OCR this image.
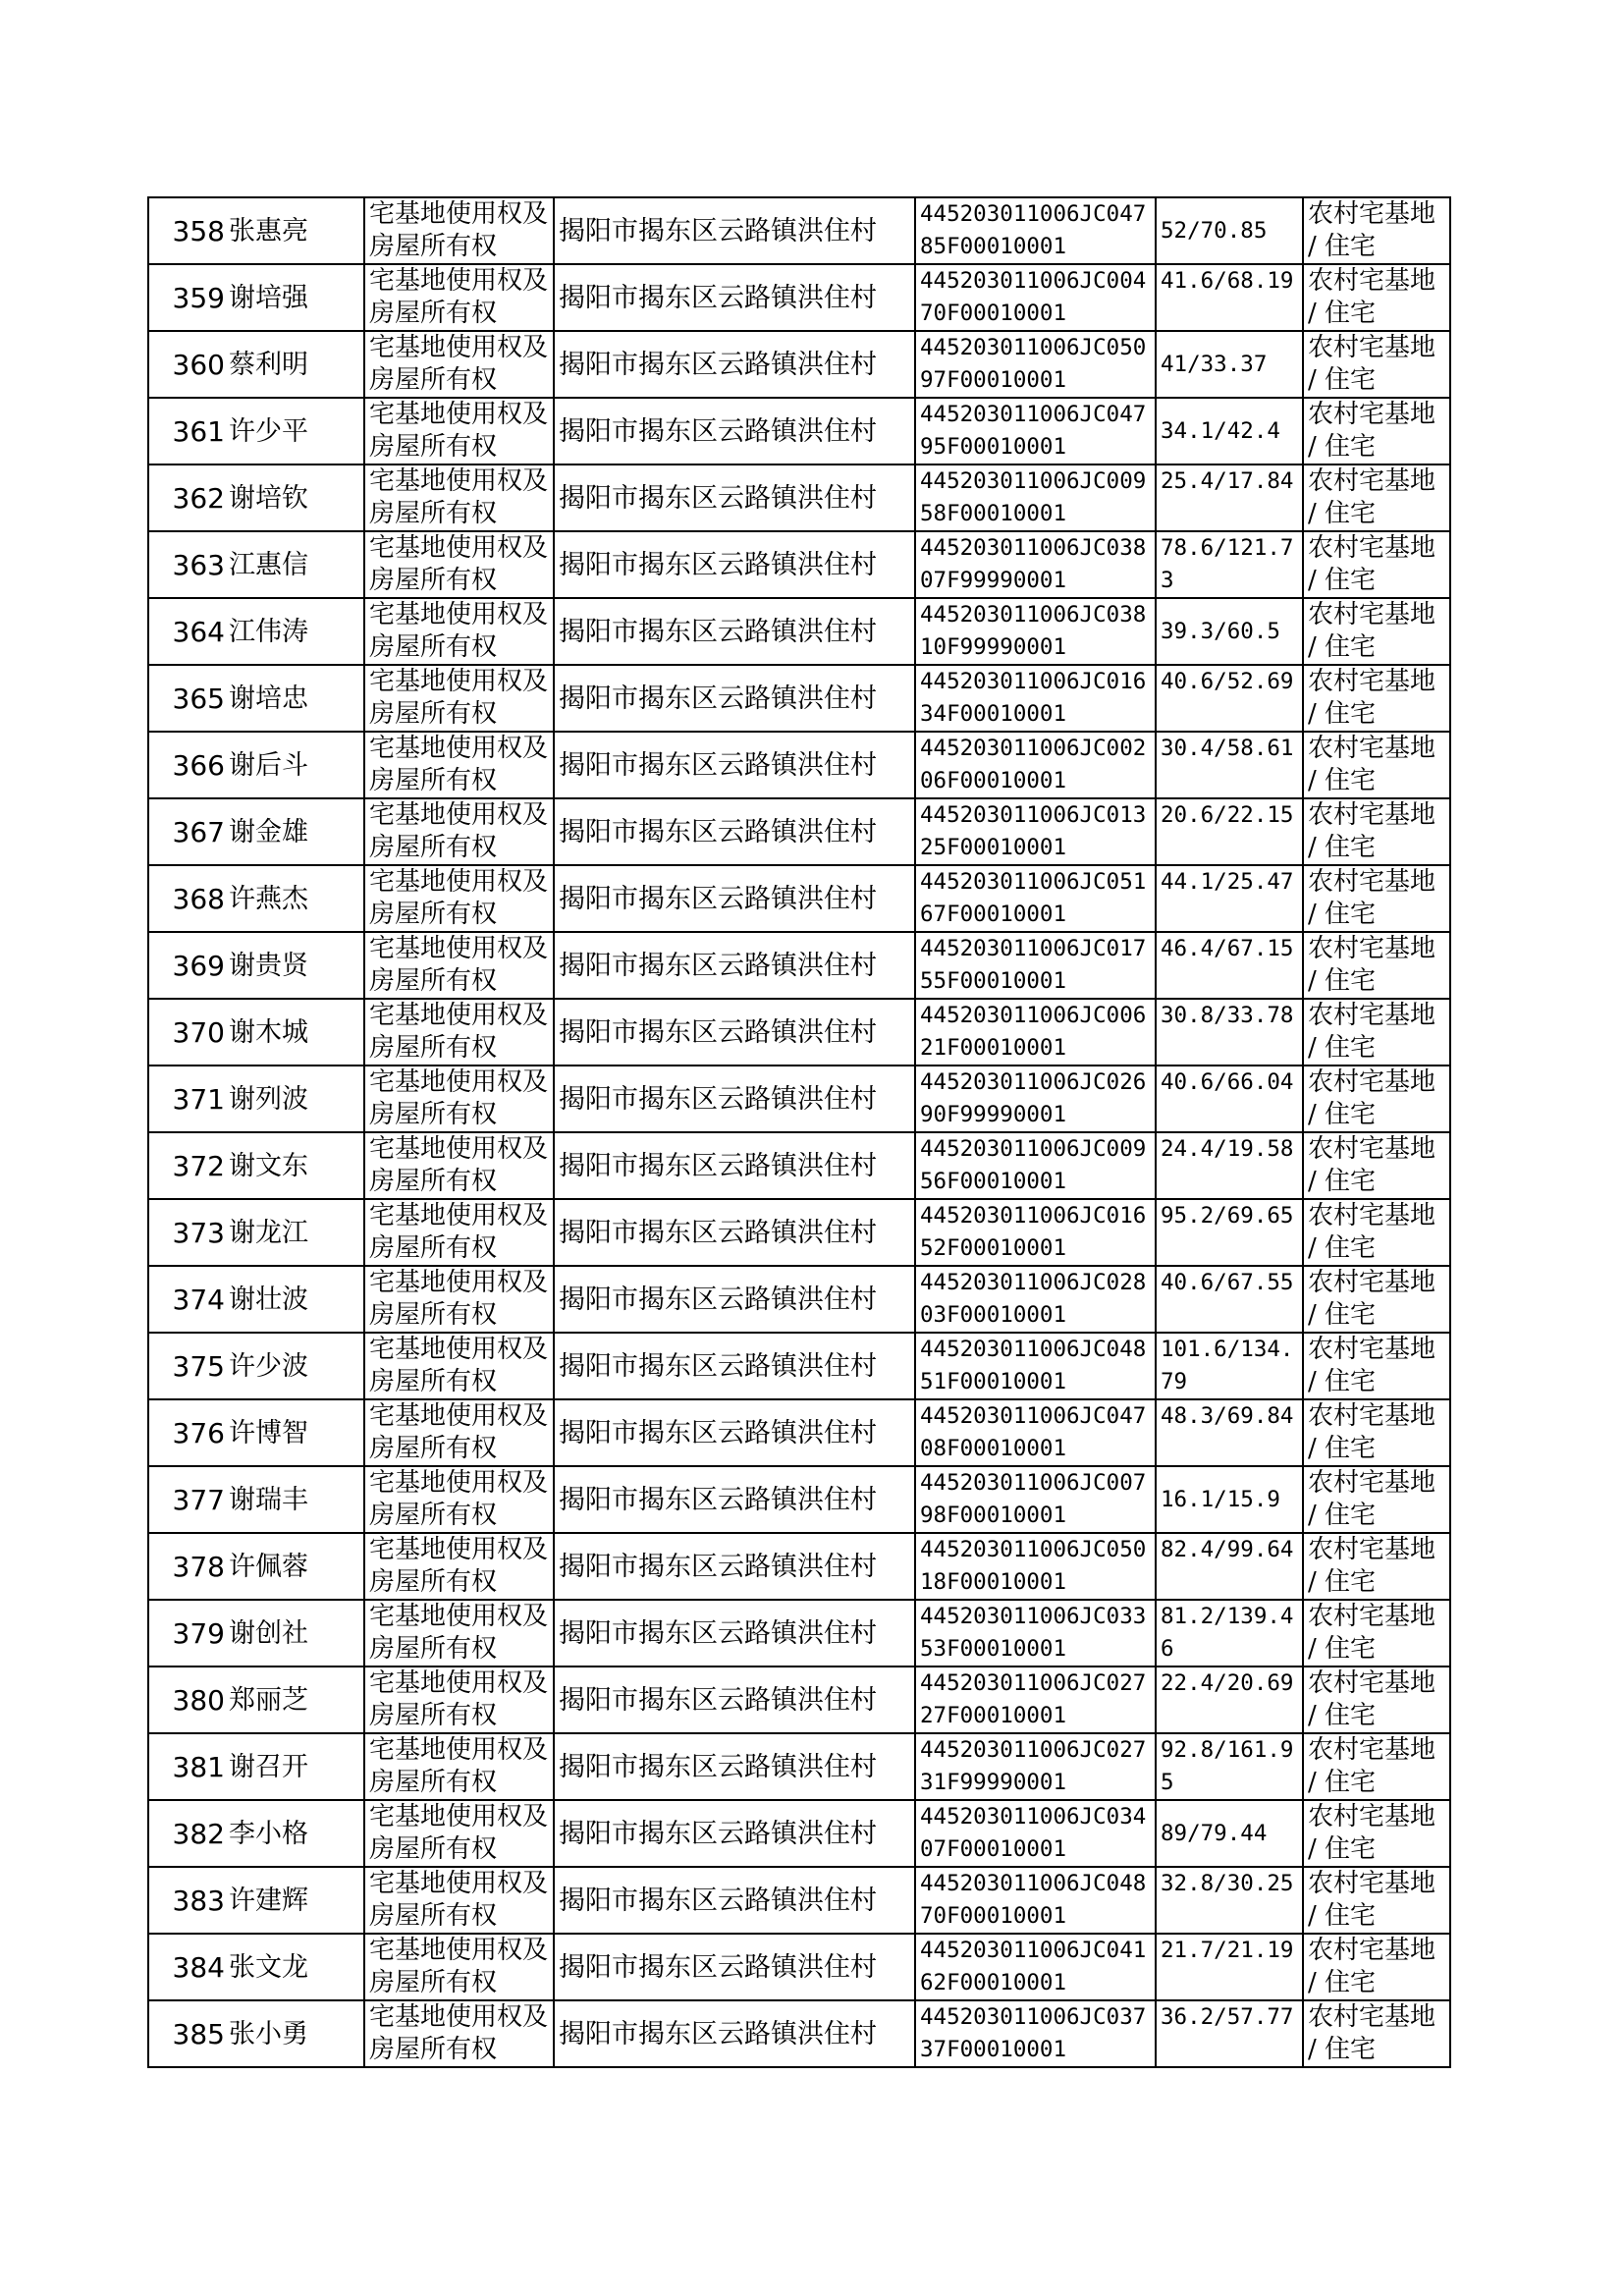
358	张惠亮	宅基地使用权及房屋所有权	揭阳市揭东区云路镇洪住村	445203011006JC04785F00010001	52/70.85	农村宅基地 / 住宅
359	谢培强	宅基地使用权及房屋所有权	揭阳市揭东区云路镇洪住村	445203011006JC00470F00010001	41.6/68.19	农村宅基地 / 住宅
360	蔡利明	宅基地使用权及房屋所有权	揭阳市揭东区云路镇洪住村	445203011006JC05097F00010001	41/33.37	农村宅基地 / 住宅
361	许少平	宅基地使用权及房屋所有权	揭阳市揭东区云路镇洪住村	445203011006JC04795F00010001	34.1/42.4	农村宅基地 / 住宅
362	谢培钦	宅基地使用权及房屋所有权	揭阳市揭东区云路镇洪住村	445203011006JC00958F00010001	25.4/17.84	农村宅基地 / 住宅
363	江惠信	宅基地使用权及房屋所有权	揭阳市揭东区云路镇洪住村	445203011006JC03807F99990001	78.6/121.73	农村宅基地 / 住宅
364	江伟涛	宅基地使用权及房屋所有权	揭阳市揭东区云路镇洪住村	445203011006JC03810F99990001	39.3/60.5	农村宅基地 / 住宅
365	谢培忠	宅基地使用权及房屋所有权	揭阳市揭东区云路镇洪住村	445203011006JC01634F00010001	40.6/52.69	农村宅基地 / 住宅
366	谢后斗	宅基地使用权及房屋所有权	揭阳市揭东区云路镇洪住村	445203011006JC00206F00010001	30.4/58.61	农村宅基地 / 住宅
367	谢金雄	宅基地使用权及房屋所有权	揭阳市揭东区云路镇洪住村	445203011006JC01325F00010001	20.6/22.15	农村宅基地 / 住宅
368	许燕杰	宅基地使用权及房屋所有权	揭阳市揭东区云路镇洪住村	445203011006JC05167F00010001	44.1/25.47	农村宅基地 / 住宅
369	谢贵贤	宅基地使用权及房屋所有权	揭阳市揭东区云路镇洪住村	445203011006JC01755F00010001	46.4/67.15	农村宅基地 / 住宅
370	谢木城	宅基地使用权及房屋所有权	揭阳市揭东区云路镇洪住村	445203011006JC00621F00010001	30.8/33.78	农村宅基地 / 住宅
371	谢列波	宅基地使用权及房屋所有权	揭阳市揭东区云路镇洪住村	445203011006JC02690F99990001	40.6/66.04	农村宅基地 / 住宅
372	谢文东	宅基地使用权及房屋所有权	揭阳市揭东区云路镇洪住村	445203011006JC00956F00010001	24.4/19.58	农村宅基地 / 住宅
373	谢龙江	宅基地使用权及房屋所有权	揭阳市揭东区云路镇洪住村	445203011006JC01652F00010001	95.2/69.65	农村宅基地 / 住宅
374	谢壮波	宅基地使用权及房屋所有权	揭阳市揭东区云路镇洪住村	445203011006JC02803F00010001	40.6/67.55	农村宅基地 / 住宅
375	许少波	宅基地使用权及房屋所有权	揭阳市揭东区云路镇洪住村	445203011006JC04851F00010001	101.6/134.79	农村宅基地 / 住宅
376	许博智	宅基地使用权及房屋所有权	揭阳市揭东区云路镇洪住村	445203011006JC04708F00010001	48.3/69.84	农村宅基地 / 住宅
377	谢瑞丰	宅基地使用权及房屋所有权	揭阳市揭东区云路镇洪住村	445203011006JC00798F00010001	16.1/15.9	农村宅基地 / 住宅
378	许佩蓉	宅基地使用权及房屋所有权	揭阳市揭东区云路镇洪住村	445203011006JC05018F00010001	82.4/99.64	农村宅基地 / 住宅
379	谢创社	宅基地使用权及房屋所有权	揭阳市揭东区云路镇洪住村	445203011006JC03353F00010001	81.2/139.46	农村宅基地 / 住宅
380	郑丽芝	宅基地使用权及房屋所有权	揭阳市揭东区云路镇洪住村	445203011006JC02727F00010001	22.4/20.69	农村宅基地 / 住宅
381	谢召开	宅基地使用权及房屋所有权	揭阳市揭东区云路镇洪住村	445203011006JC02731F99990001	92.8/161.95	农村宅基地 / 住宅
382	李小格	宅基地使用权及房屋所有权	揭阳市揭东区云路镇洪住村	445203011006JC03407F00010001	89/79.44	农村宅基地 / 住宅
383	许建辉	宅基地使用权及房屋所有权	揭阳市揭东区云路镇洪住村	445203011006JC04870F00010001	32.8/30.25	农村宅基地 / 住宅
384	张文龙	宅基地使用权及房屋所有权	揭阳市揭东区云路镇洪住村	445203011006JC04162F00010001	21.7/21.19	农村宅基地 / 住宅
385	张小勇	宅基地使用权及房屋所有权	揭阳市揭东区云路镇洪住村	445203011006JC03737F00010001	36.2/57.77	农村宅基地 / 住宅
